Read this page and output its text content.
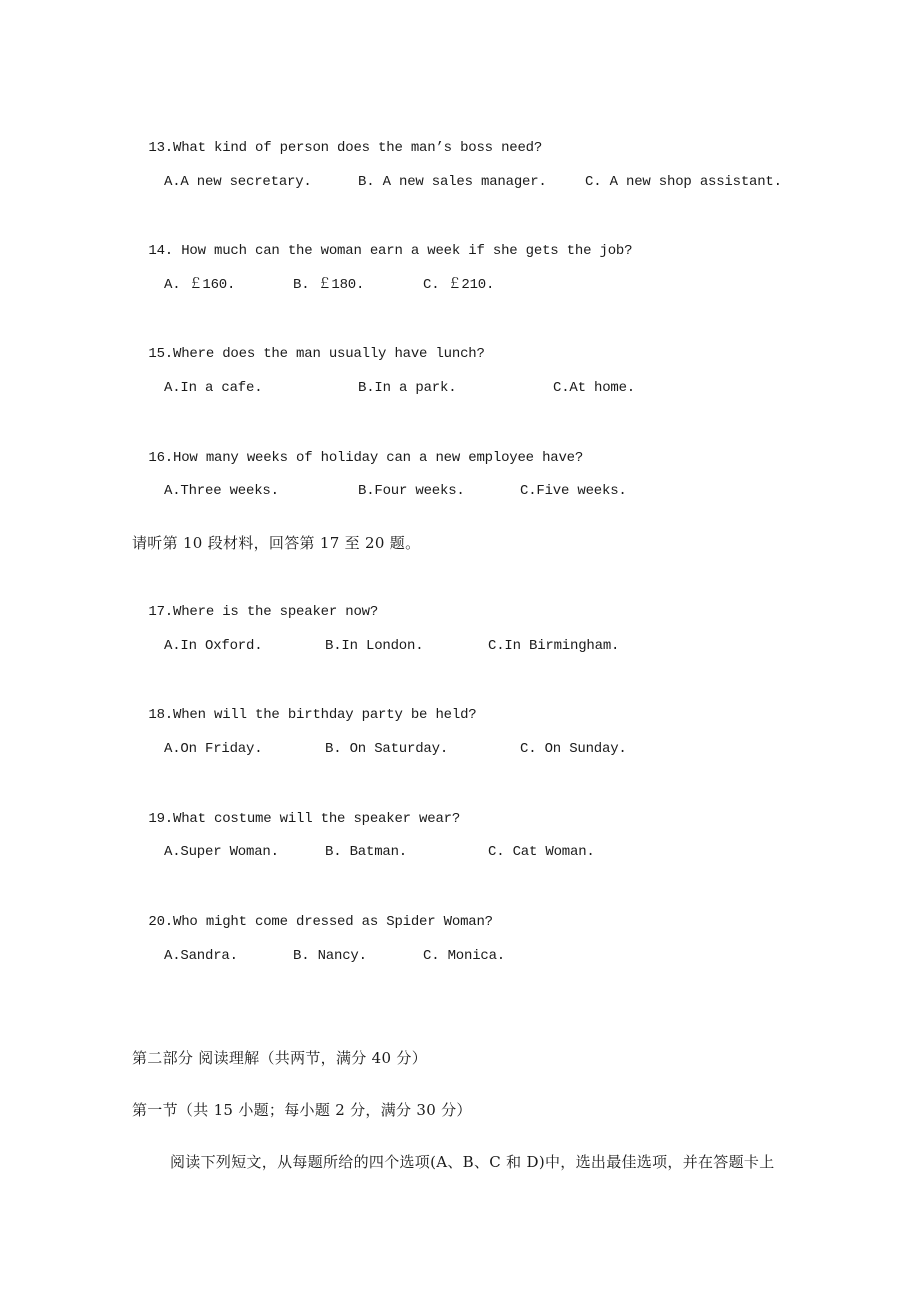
13.What kind of person does the man’s boss need?

A.A new secretary.	B. A new sales manager.	C. A new shop assistant.

14. How much can the woman earn a week if she gets the job?

A. ￡160.	B. ￡180.	C. ￡210.

15.Where does the man usually have lunch?

A.In a cafe.	B.In a park.	C.At home.

16.How many weeks of holiday can a new employee have?

A.Three weeks.	B.Four weeks.	C.Five weeks.
请听第 10 段材料，回答第 17 至 20 题。

17.Where is the speaker now?

A.In Oxford.	B.In London.	C.In Birmingham.

18.When will the birthday party be held?

A.On Friday.	B. On Saturday.	C. On Sunday.

19.What costume will the speaker wear?

A.Super Woman.	B. Batman.	C. Cat Woman.

20.Who might come dressed as Spider Woman?

A.Sandra.	B. Nancy.	C. Monica.
第二部分 阅读理解（共两节，满分 40 分）
第一节（共 15 小题；每小题 2 分，满分 30 分）
阅读下列短文，从每题所给的四个选项(A、B、C 和 D)中，选出最佳选项，并在答题卡上
